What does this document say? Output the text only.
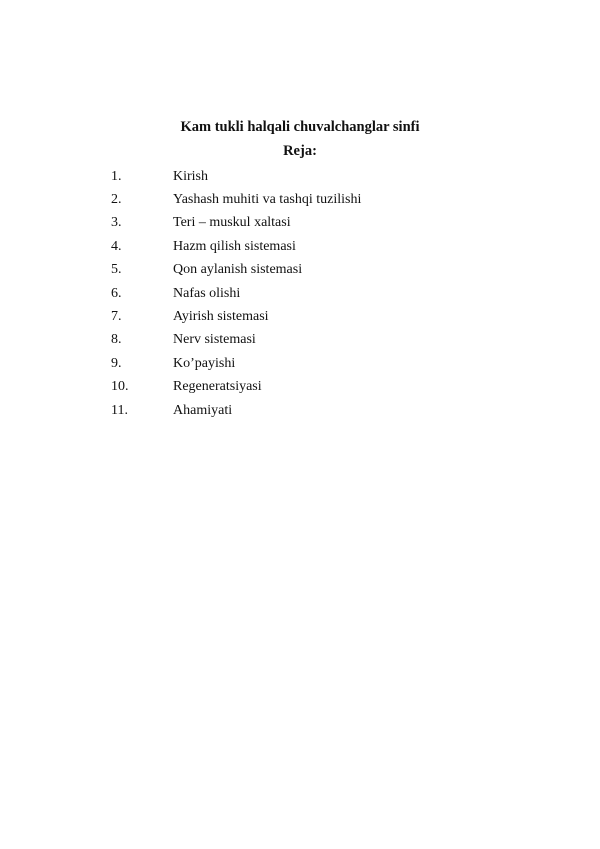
Kam tukli halqali chuvalchanglar sinfi
Reja:
1.	Kirish
2.	Yashash muhiti va tashqi tuzilishi
3.	Teri – muskul xaltasi
4.	Hazm qilish sistemasi
5.	Qon aylanish sistemasi
6.	Nafas olishi
7.	Ayirish sistemasi
8.	Nerv sistemasi
9.	Ko’payishi
10.	Regeneratsiyasi
11.	Ahamiyati
